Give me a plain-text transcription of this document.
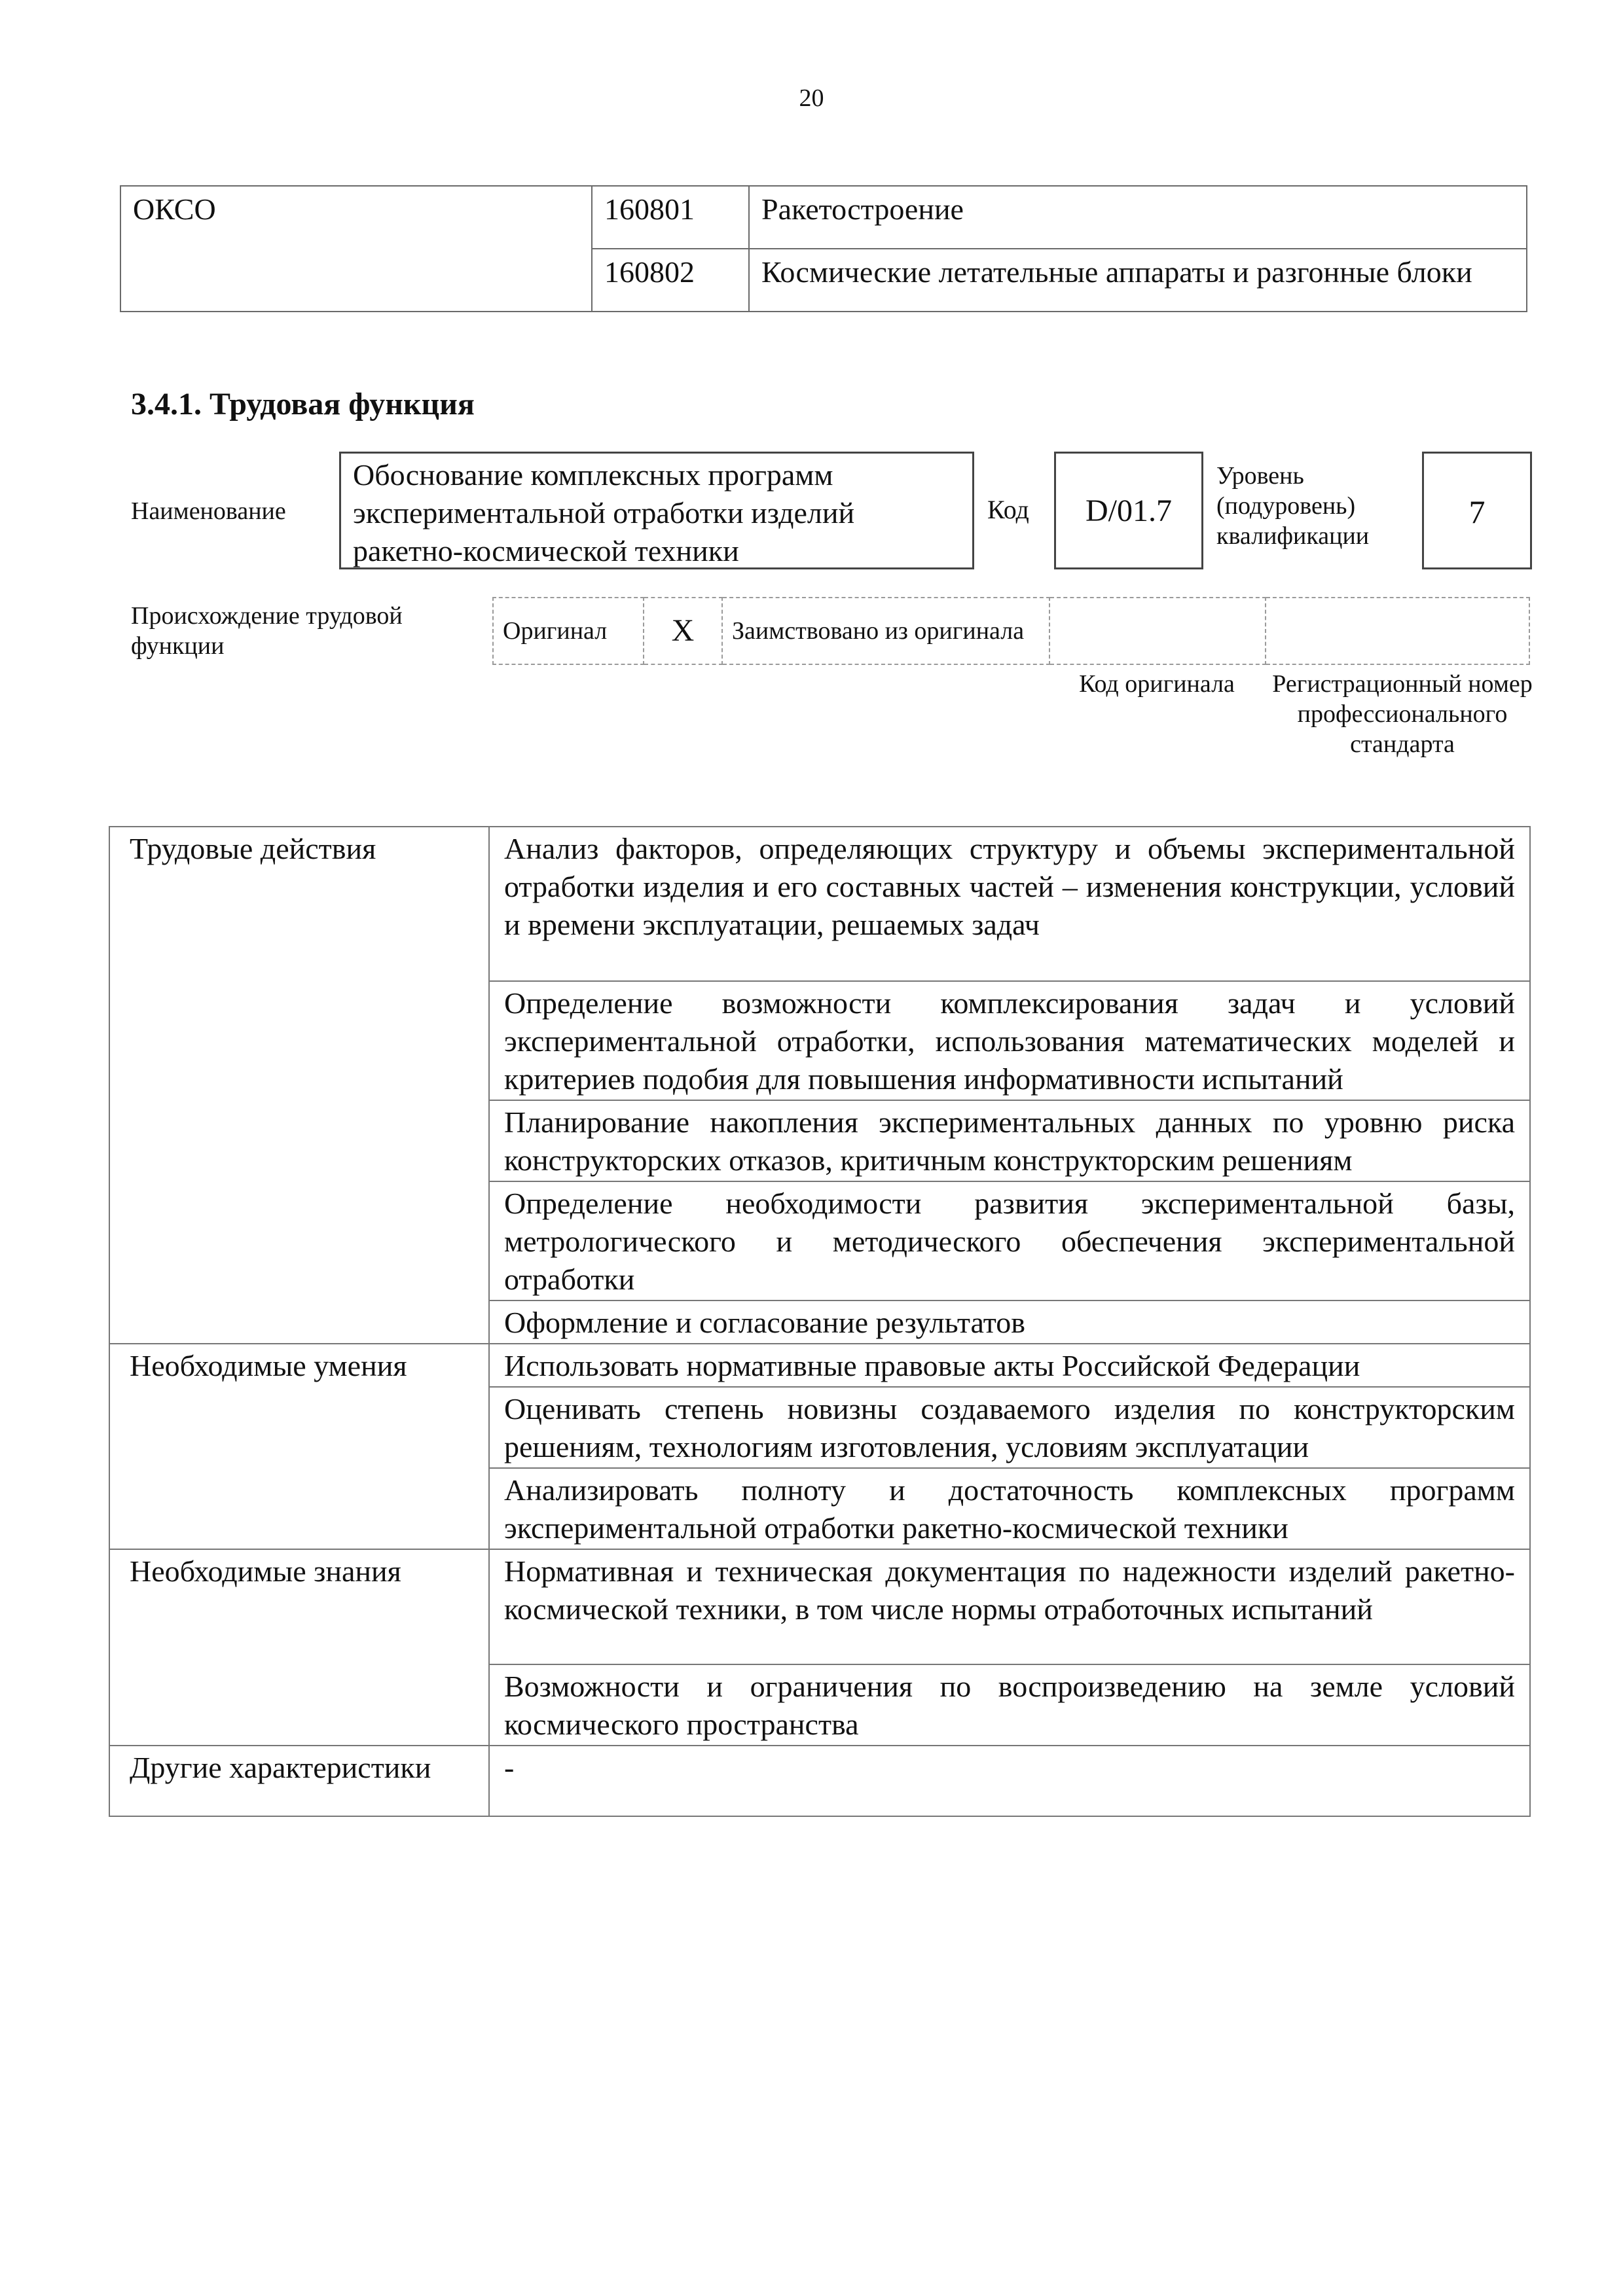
20
ОКСО	160801	Ракетостроение
	160802	Космические летательные аппараты и разгонные блоки
3.4.1. Трудовая функция
Наименование
Обоснование комплексных программ экспериментальной отработки изделий ракетно-космической техники
Код	D/01.7
Уровень (подуровень) квалификации
7
Происхождение трудовой функции
Оригинал	X	Заимствовано из оригинала		
Код оригинала	Регистрационный номер профессионального стандарта
Трудовые действия	Анализ факторов, определяющих структуру и объемы экспериментальной отработки изделия и его составных частей – изменения конструкции, условий и времени эксплуатации, решаемых задач
	Определение возможности комплексирования задач и условий экспериментальной отработки, использования математических моделей и критериев подобия для повышения информативности испытаний
	Планирование накопления экспериментальных данных по уровню риска конструкторских отказов, критичным конструкторским решениям
	Определение необходимости развития экспериментальной базы, метрологического и методического обеспечения экспериментальной отработки
	Оформление и согласование результатов
Необходимые умения	Использовать нормативные правовые акты Российской Федерации
	Оценивать степень новизны создаваемого изделия по конструкторским решениям, технологиям изготовления, условиям эксплуатации
	Анализировать полноту и достаточность комплексных программ экспериментальной отработки ракетно-космической техники
Необходимые знания	Нормативная и техническая документация по надежности изделий ракетно-космической техники, в том числе нормы отработочных испытаний
	Возможности и ограничения по воспроизведению на земле условий космического пространства
Другие характеристики	-
